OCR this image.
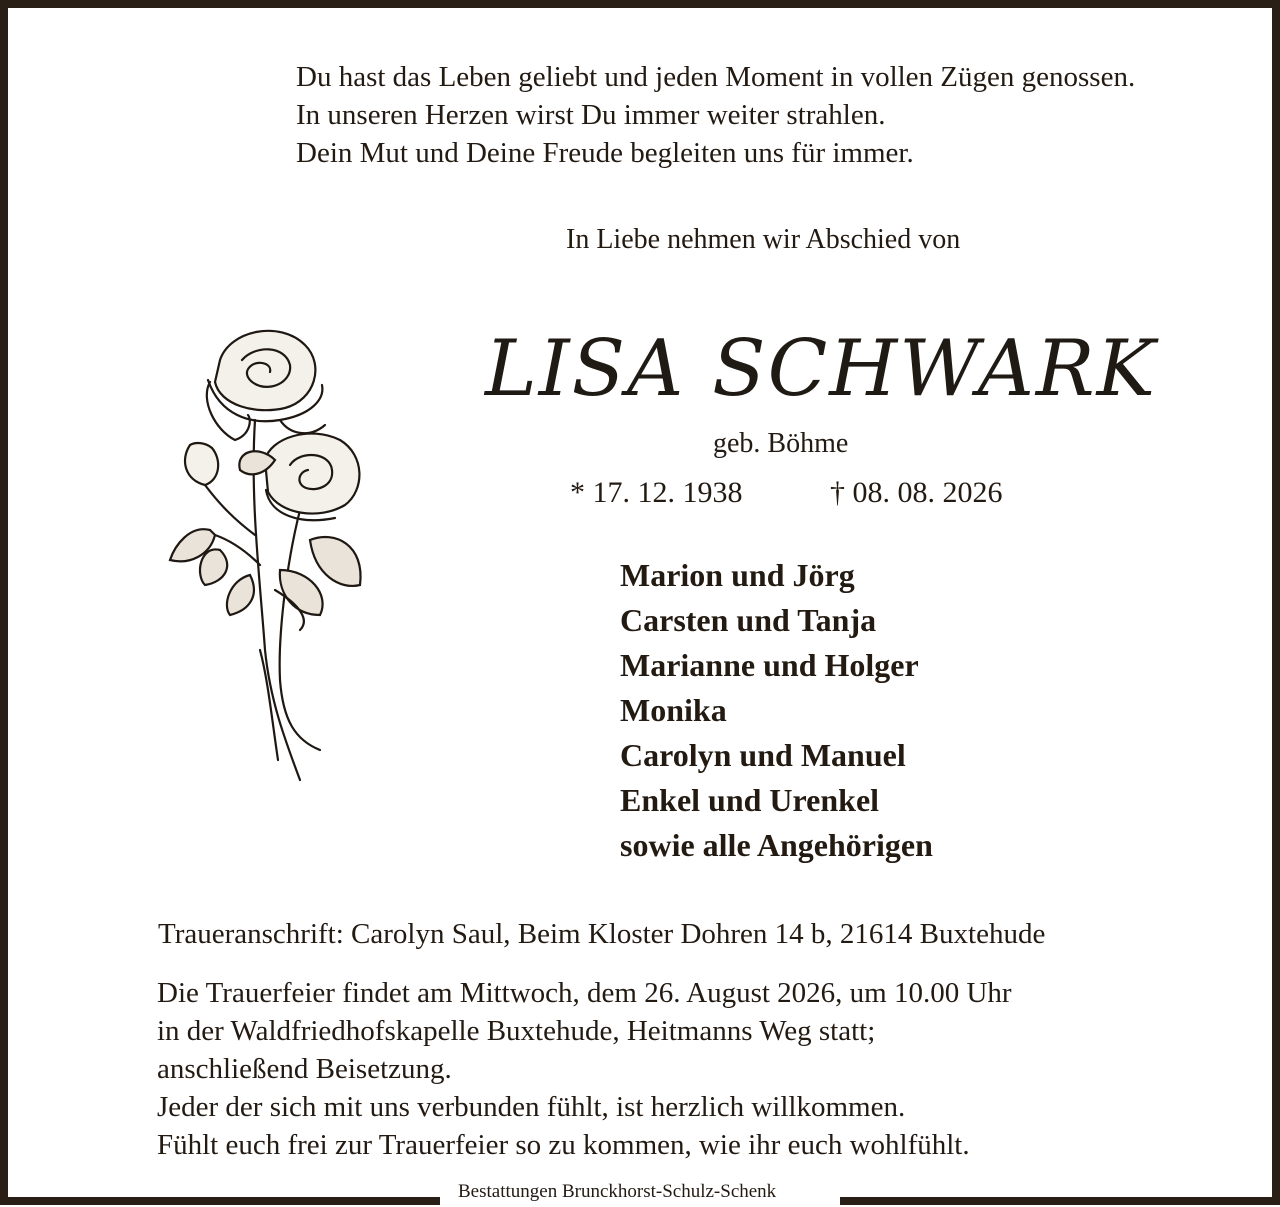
Du hast das Leben geliebt und jeden Moment in vollen Zügen genossen.
In unseren Herzen wirst Du immer weiter strahlen.
Dein Mut und Deine Freude begleiten uns für immer.
In Liebe nehmen wir Abschied von
LISA SCHWARK
geb. Böhme
* 17. 12. 1938	† 08. 08. 2026
Marion und Jörg
Carsten und Tanja
Marianne und Holger
Monika
Carolyn und Manuel
Enkel und Urenkel
sowie alle Angehörigen
Traueranschrift: Carolyn Saul, Beim Kloster Dohren 14 b, 21614 Buxtehude
Die Trauerfeier findet am Mittwoch, dem 26. August 2026, um 10.00 Uhr
in der Waldfriedhofskapelle Buxtehude, Heitmanns Weg statt;
anschließend Beisetzung.
Jeder der sich mit uns verbunden fühlt, ist herzlich willkommen.
Fühlt euch frei zur Trauerfeier so zu kommen, wie ihr euch wohlfühlt.
Bestattungen Brunckhorst-Schulz-Schenk
